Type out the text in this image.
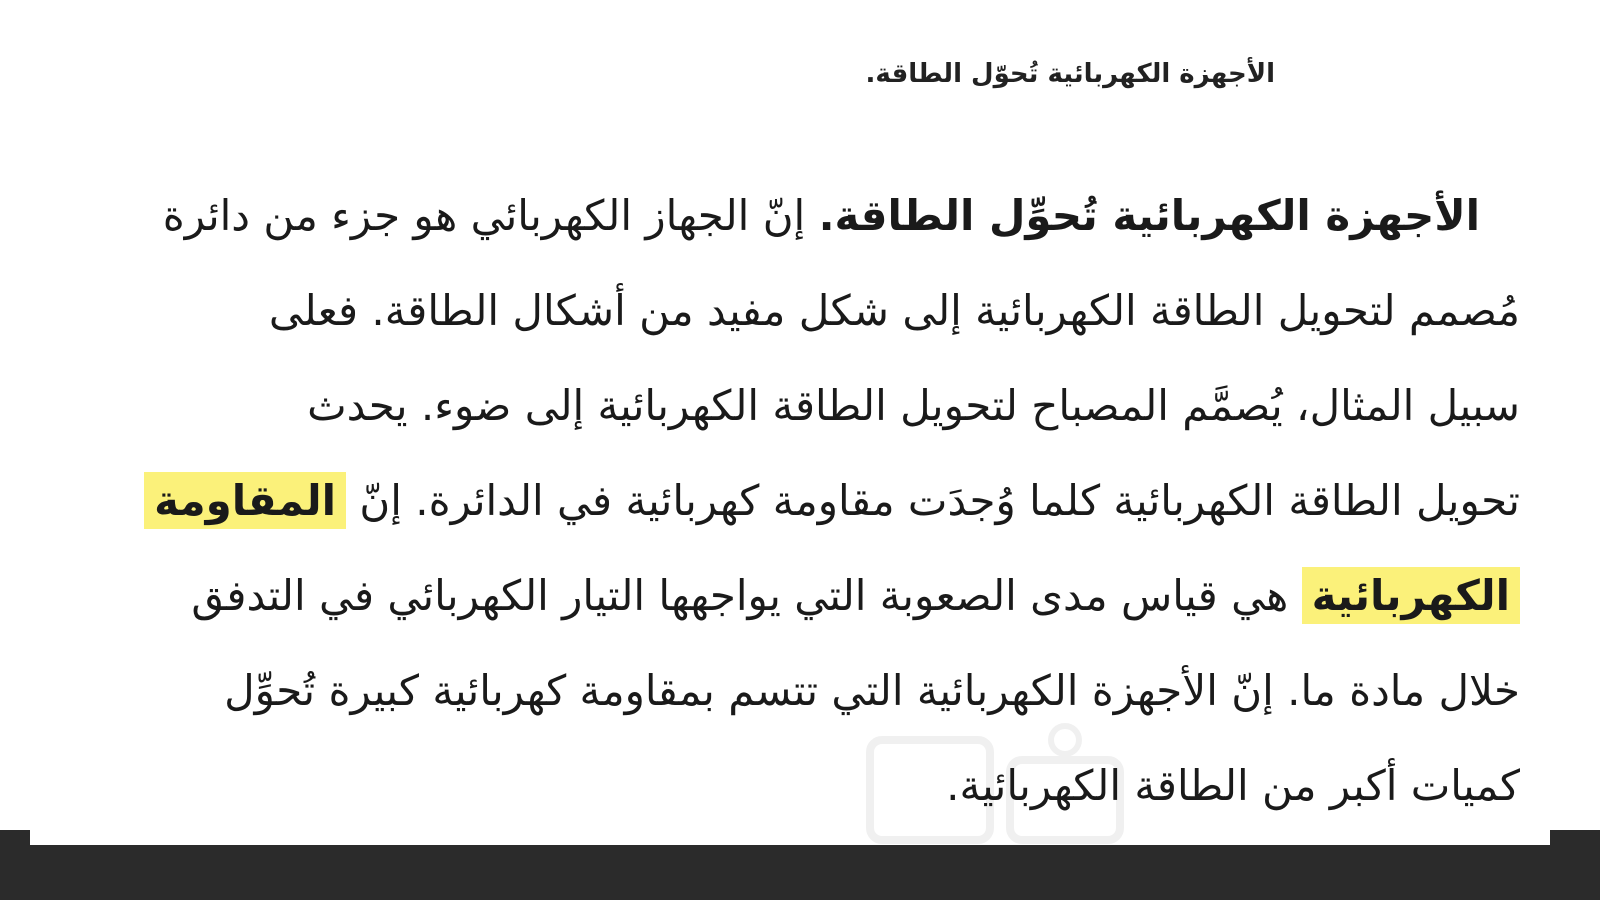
الأجهزة الكهربائية تُحوّل الطاقة.
الأجهزة الكهربائية تُحوِّل الطاقة. إنّ الجهاز الكهربائي هو جزء من دائرة
مُصمم لتحويل الطاقة الكهربائية إلى شكل مفيد من أشكال الطاقة. فعلى
سبيل المثال، يُصمَّم المصباح لتحويل الطاقة الكهربائية إلى ضوء. يحدث
تحويل الطاقة الكهربائية كلما وُجدَت مقاومة كهربائية في الدائرة. إنّ المقاومة
الكهربائية هي قياس مدى الصعوبة التي يواجهها التيار الكهربائي في التدفق
خلال مادة ما. إنّ الأجهزة الكهربائية التي تتسم بمقاومة كهربائية كبيرة تُحوِّل
كميات أكبر من الطاقة الكهربائية.
